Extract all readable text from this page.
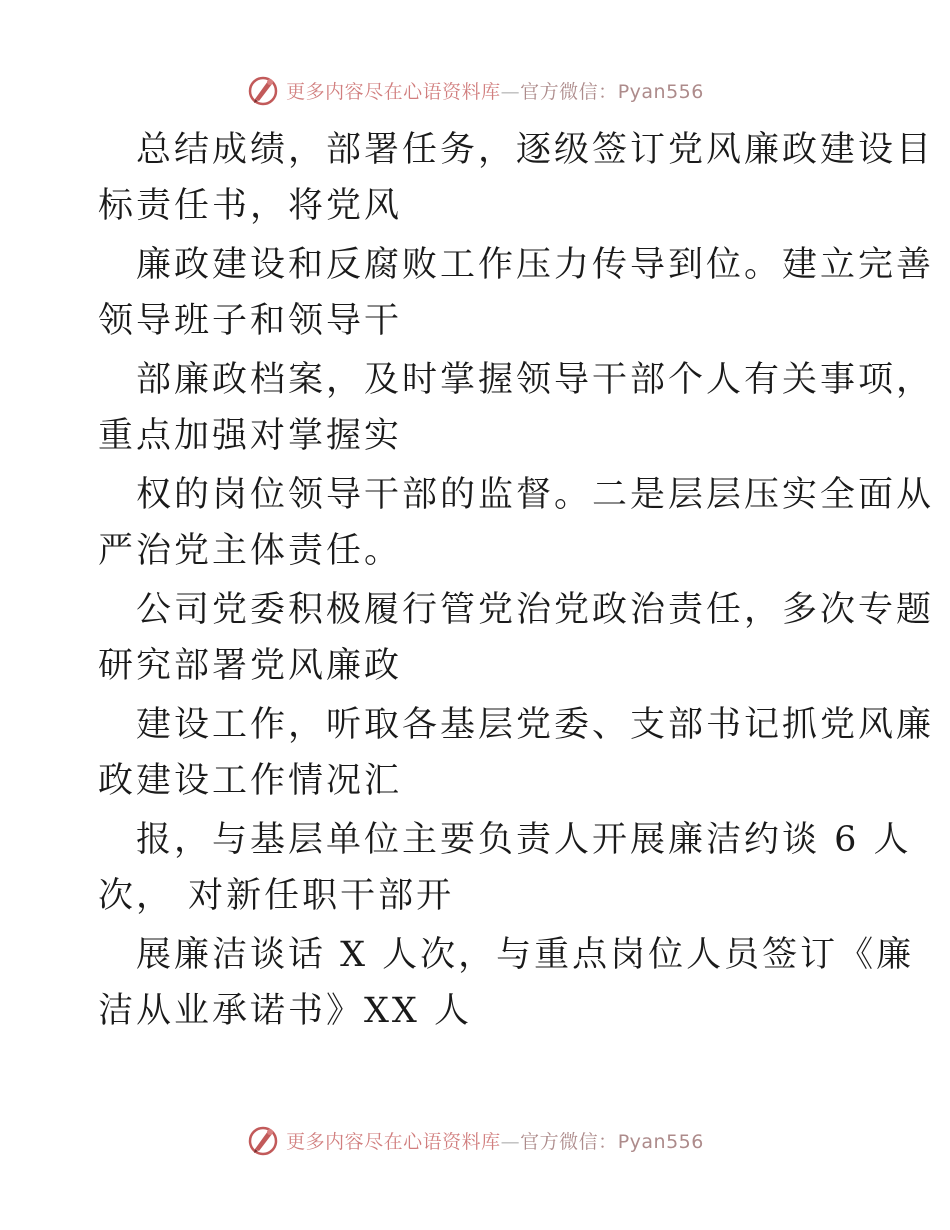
更多内容尽在心语资料库—官方微信：Pyan556
总结成绩，部署任务，逐级签订党风廉政建设目
标责任书，将党风
廉政建设和反腐败工作压力传导到位。建立完善
领导班子和领导干
部廉政档案，及时掌握领导干部个人有关事项，
重点加强对掌握实
权的岗位领导干部的监督。二是层层压实全面从
严治党主体责任。
公司党委积极履行管党治党政治责任，多次专题
研究部署党风廉政
建设工作，听取各基层党委、支部书记抓党风廉
政建设工作情况汇
报，与基层单位主要负责人开展廉洁约谈 6 人
次， 对新任职干部开
展廉洁谈话 X 人次，与重点岗位人员签订《廉
洁从业承诺书》XX 人
更多内容尽在心语资料库—官方微信：Pyan556
